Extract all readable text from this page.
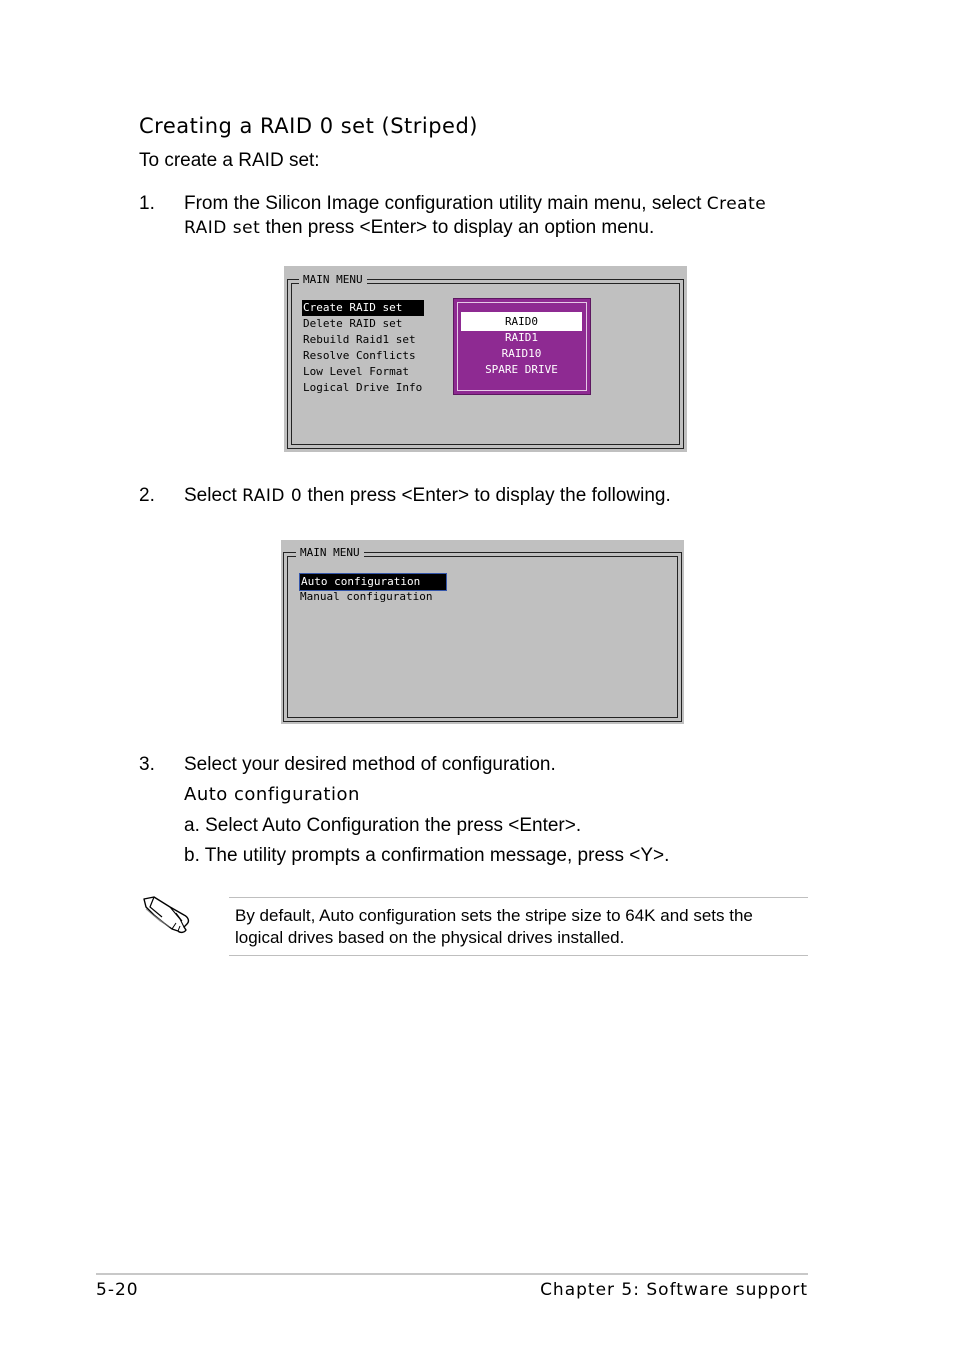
Creating a RAID 0 set (Striped)
To create a RAID set:
1.	From the Silicon Image configuration utility main menu, select Create
RAID set then press <Enter> to display an option menu.
MAIN MENU
Create RAID set
Delete RAID set
Rebuild Raid1 set
Resolve Conflicts
Low Level Format
Logical Drive Info
RAID0
RAID1
RAID10
SPARE DRIVE
2.	Select RAID 0 then press <Enter> to display the following.
MAIN MENU
Auto configuration
Manual configuration
3.	Select your desired method of configuration.
Auto configuration
a. Select Auto Configuration the press <Enter>.
b. The utility prompts a confirmation message, press <Y>.
By default, Auto configuration sets the stripe size to 64K and sets the
logical drives based on the physical drives installed.
5-20	Chapter 5: Software support
